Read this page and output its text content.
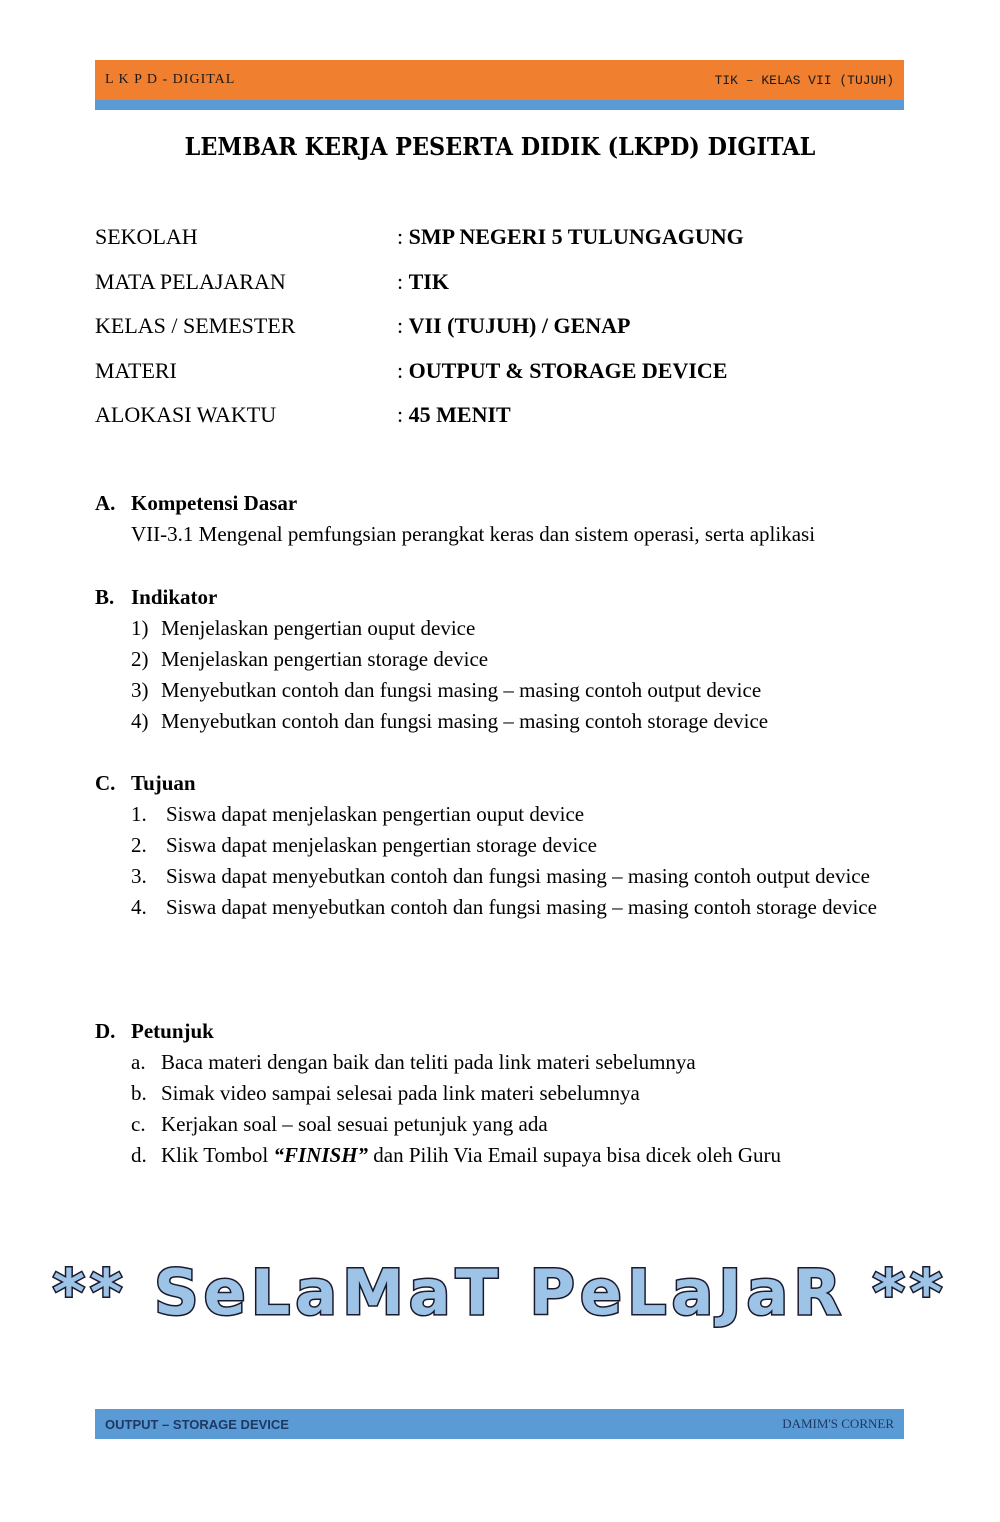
L K P D - DIGITAL	TIK – KELAS VII (TUJUH)
LEMBAR KERJA PESERTA DIDIK (LKPD) DIGITAL
SEKOLAH	: SMP NEGERI 5 TULUNGAGUNG
MATA PELAJARAN	: TIK
KELAS / SEMESTER	: VII (TUJUH) / GENAP
MATERI	: OUTPUT & STORAGE DEVICE
ALOKASI WAKTU	: 45 MENIT
A. Kompetensi Dasar
VII-3.1 Mengenal pemfungsian perangkat keras dan sistem operasi, serta aplikasi
B. Indikator
1) Menjelaskan pengertian ouput device
2) Menjelaskan pengertian storage device
3) Menyebutkan contoh dan fungsi masing – masing contoh output device
4) Menyebutkan contoh dan fungsi masing – masing contoh storage device
C. Tujuan
1. Siswa dapat menjelaskan pengertian ouput device
2. Siswa dapat menjelaskan pengertian storage device
3. Siswa dapat menyebutkan contoh dan fungsi masing – masing contoh output device
4. Siswa dapat menyebutkan contoh dan fungsi masing – masing contoh storage device
D. Petunjuk
a. Baca materi dengan baik dan teliti pada link materi sebelumnya
b. Simak video sampai selesai pada link materi sebelumnya
c. Kerjakan soal – soal sesuai petunjuk yang ada
d. Klik Tombol “FINISH” dan Pilih Via Email supaya bisa dicek oleh Guru
** SeLaMaT PeLaJaR **
OUTPUT – STORAGE DEVICE	DAMIM'S CORNER
